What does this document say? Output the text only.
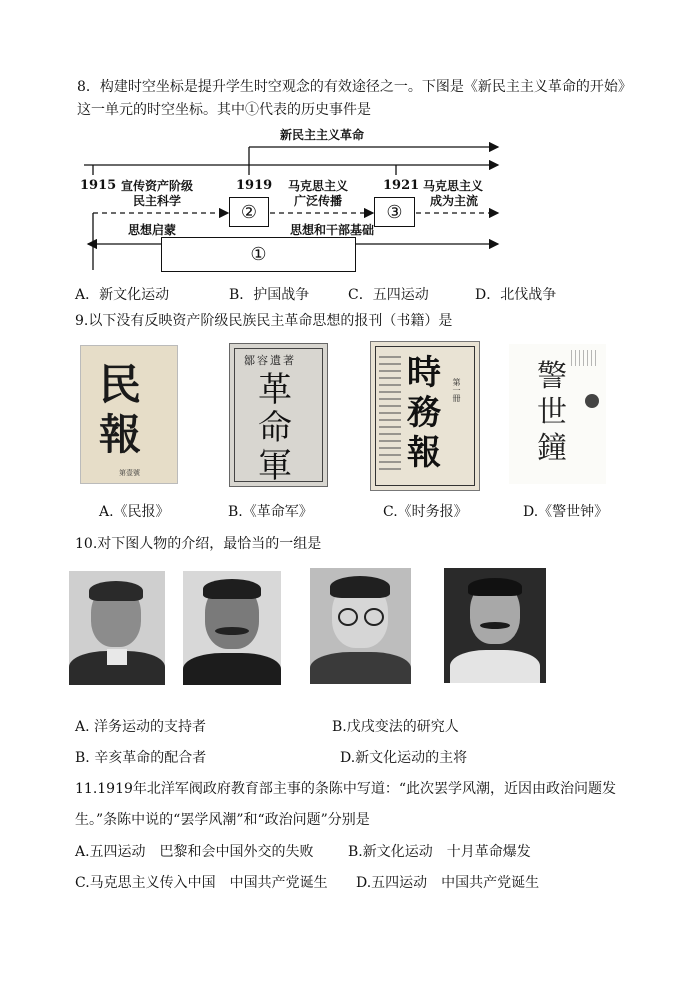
8．构建时空坐标是提升学生时空观念的有效途径之一。下图是《新民主主义革命的开始》
这一单元的时空坐标。其中①代表的历史事件是
新民主主义革命
1915	1919	1921
宣传资产阶级
民主科学
马克思主义
广泛传播
马克思主义
成为主流
②	③
思想启蒙	思想和干部基础
①
A．新文化运动	B．护国战争	C．五四运动	D．北伐战争
9.以下没有反映资产阶级民族民主革命思想的报刊（书籍）是
民
報
第壹號
鄒容遺著
革
命
軍
時
務
報
第一冊	警
世
鐘
A.《民报》	B.《革命军》	C.《时务报》	D.《警世钟》
10.对下图人物的介绍，最恰当的一组是
A. 洋务运动的支持者	B.戊戌变法的研究人
B. 辛亥革命的配合者	D.新文化运动的主将
11.1919年北洋军阀政府教育部主事的条陈中写道：“此次罢学风潮，近因由政治问题发
生。”条陈中说的“罢学风潮”和“政治问题”分别是
A.五四运动　巴黎和会中国外交的失败 B.新文化运动　十月革命爆发
C.马克思主义传入中国　中国共产党诞生 D.五四运动　中国共产党诞生
